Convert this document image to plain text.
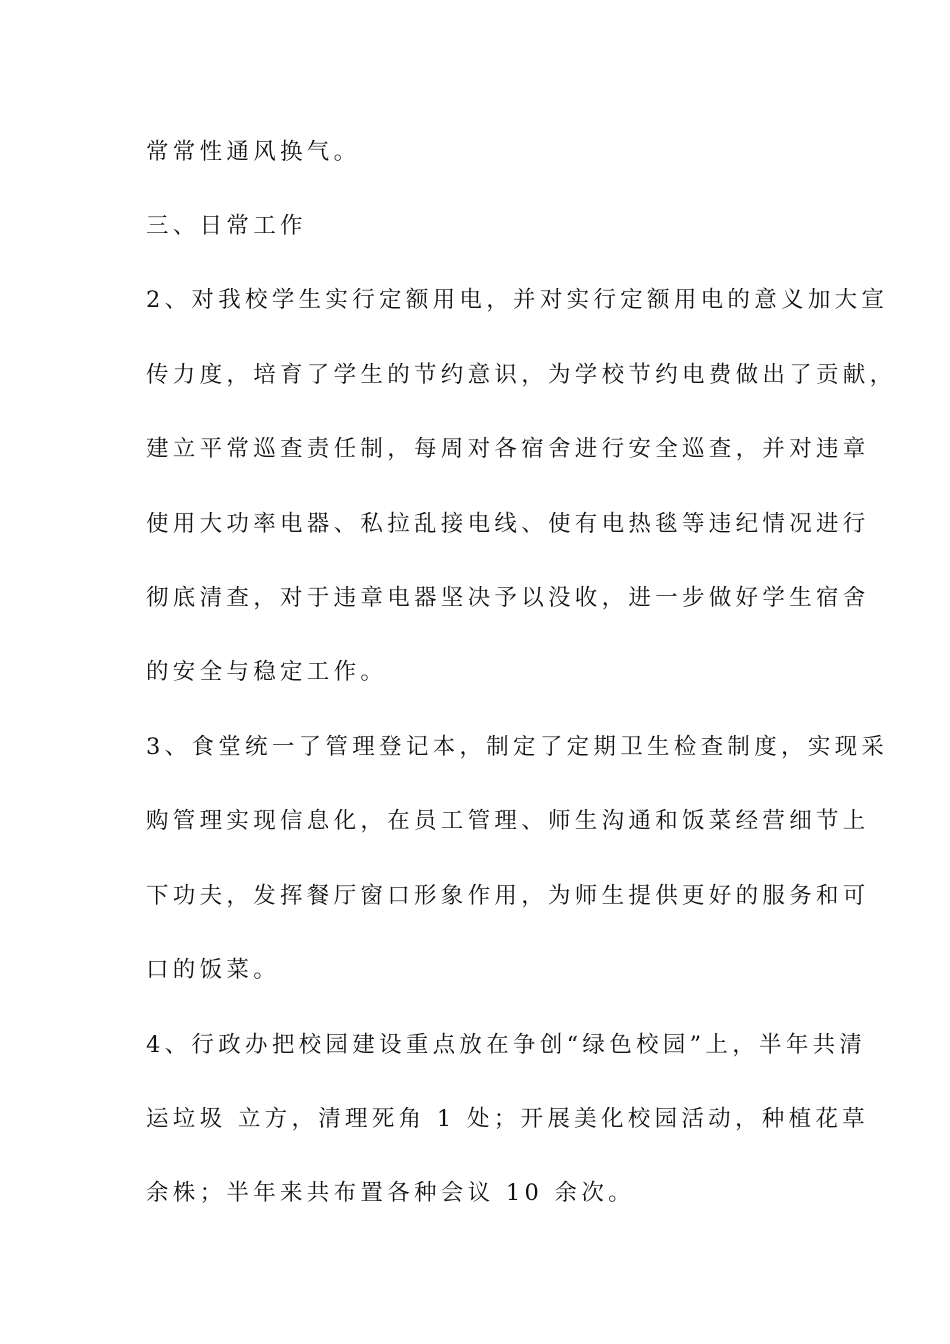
常常性通风换气。
三、日常工作
2、对我校学生实行定额用电，并对实行定额用电的意义加大宣
传力度，培育了学生的节约意识，为学校节约电费做出了贡献，
建立平常巡查责任制，每周对各宿舍进行安全巡查，并对违章
使用大功率电器、私拉乱接电线、使有电热毯等违纪情况进行
彻底清查，对于违章电器坚决予以没收，进一步做好学生宿舍
的安全与稳定工作。
3、食堂统一了管理登记本，制定了定期卫生检查制度，实现采
购管理实现信息化，在员工管理、师生沟通和饭菜经营细节上
下功夫，发挥餐厅窗口形象作用，为师生提供更好的服务和可
口的饭菜。
4、行政办把校园建设重点放在争创“绿色校园”上，半年共清
运垃圾 立方，清理死角 1 处；开展美化校园活动，种植花草
余株；半年来共布置各种会议 10 余次。
